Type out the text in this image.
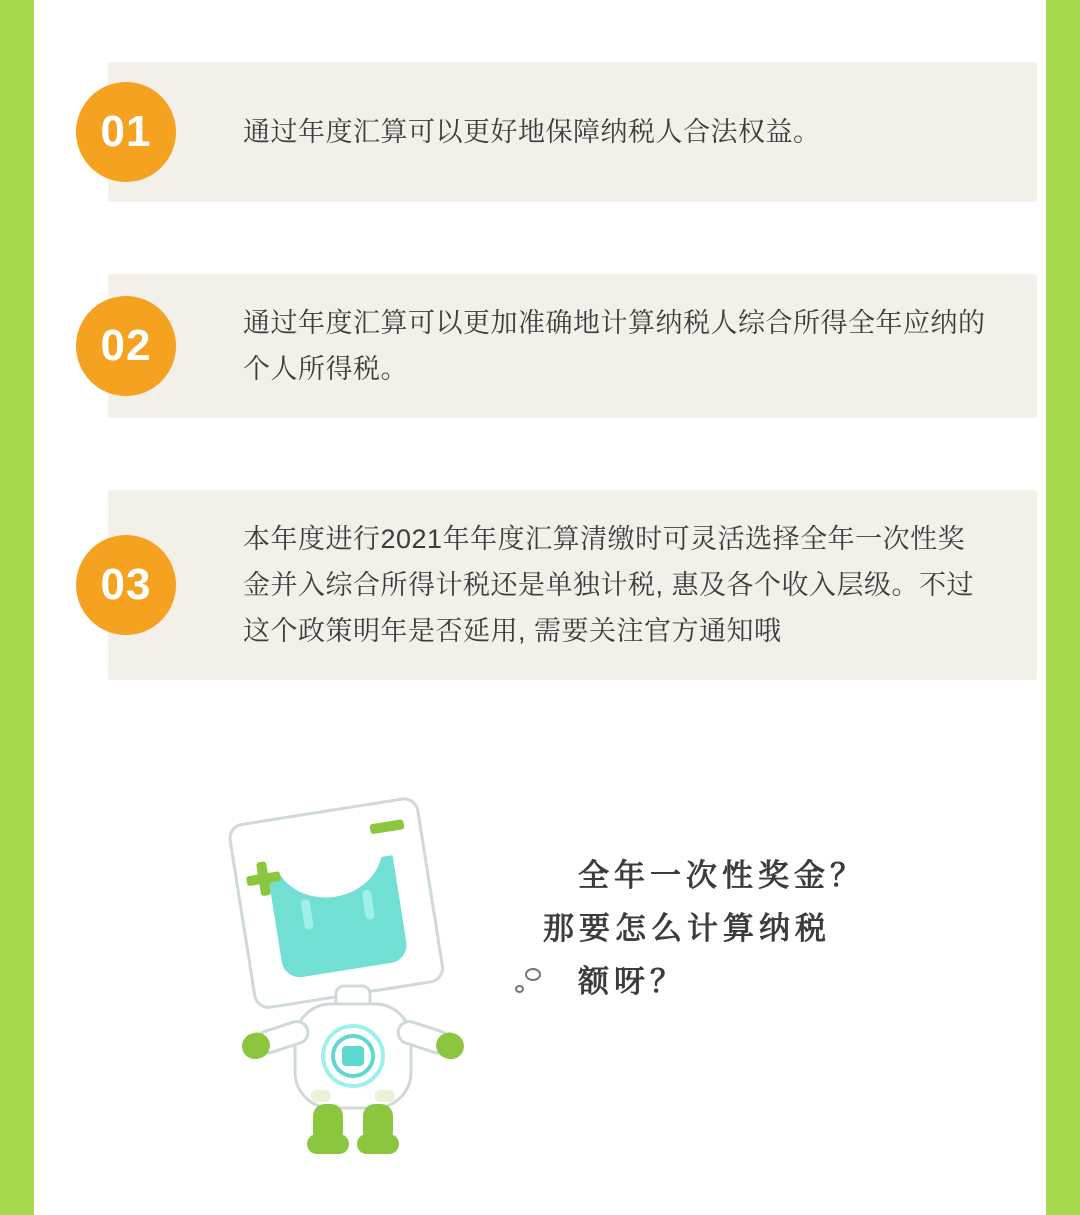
通过年度汇算可以更好地保障纳税人合法权益。
01
通过年度汇算可以更加准确地计算纳税人综合所得全年应纳的个人所得税。
02
本年度进行2021年年度汇算清缴时可灵活选择全年一次性奖金并入综合所得计税还是单独计税, 惠及各个收入层级。不过这个政策明年是否延用, 需要关注官方通知哦
03
全年一次性奖金？
那要怎么计算纳税
额呀？
